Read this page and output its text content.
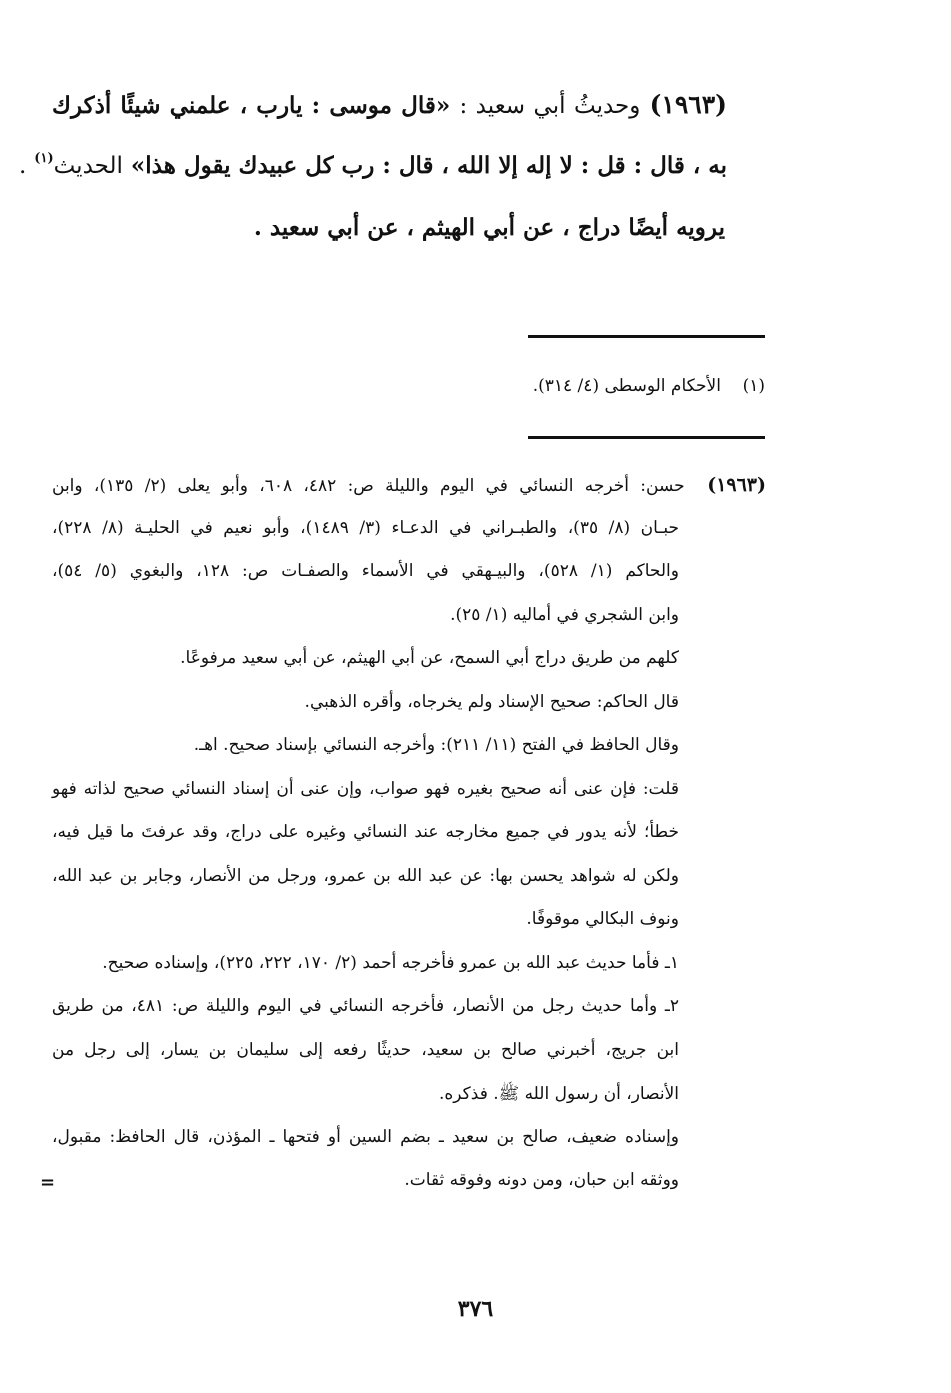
(١٩٦٣) وحديثُ أبي سعيد : «قال موسى : يارب ، علمني شيئًا أذكرك
به ، قال : قل : لا إله إلا الله ، قال : رب كل عبيدك يقول هذا» الحديث$^{(١)}$ .
يرويه أيضًا دراج ، عن أبي الهيثم ، عن أبي سعيد .
(١)    الأحكام الوسطى (٤/ ٣١٤).
(١٩٦٣)  حسن: أخرجه النسائي في اليوم والليلة ص: ٤٨٢، ٦٠٨، وأبو يعلى (٢/ ١٣٥)، وابن
حبـان (٨/ ٣٥)، والطبـراني في الدعـاء (٣/ ١٤٨٩)، وأبو نعيم في الحليـة (٨/ ٢٢٨)،
والحاكم (١/ ٥٢٨)، والبيـهقي في الأسماء والصفـات ص: ١٢٨، والبغوي (٥/ ٥٤)،
وابن الشجري في أماليه (١/ ٢٥).
كلهم من طريق دراج أبي السمح، عن أبي الهيثم، عن أبي سعيد مرفوعًا.
قال الحاكم: صحيح الإسناد ولم يخرجاه، وأقره الذهبي.
وقال الحافظ في الفتح (١١/ ٢١١): وأخرجه النسائي بإسناد صحيح. اهـ.
قلت: فإن عنى أنه صحيح بغيره فهو صواب، وإن عنى أن إسناد النسائي صحيح لذاته فهو
خطأ؛ لأنه يدور في جميع مخارجه عند النسائي وغيره على دراج، وقد عرفتَ ما قيل فيه،
ولكن له شواهد يحسن بها: عن عبد الله بن عمرو، ورجل من الأنصار، وجابر بن عبد الله،
ونوف البكالي موقوفًا.
١ـ فأما حديث عبد الله بن عمرو فأخرجه أحمد (٢/ ١٧٠، ٢٢٢، ٢٢٥)، وإسناده صحيح.
٢ـ وأما حديث رجل من الأنصار، فأخرجه النسائي في اليوم والليلة ص: ٤٨١، من طريق
ابن جريج، أخبرني صالح بن سعيد، حديثًا رفعه إلى سليمان بن يسار، إلى رجل من
الأنصار، أن رسول الله ﷺ. فذكره.
وإسناده ضعيف، صالح بن سعيد ـ بضم السين أو فتحها ـ المؤذن، قال الحافظ: مقبول،
ووثقه ابن حبان، ومن دونه وفوقه ثقات.
=
٣٧٦
